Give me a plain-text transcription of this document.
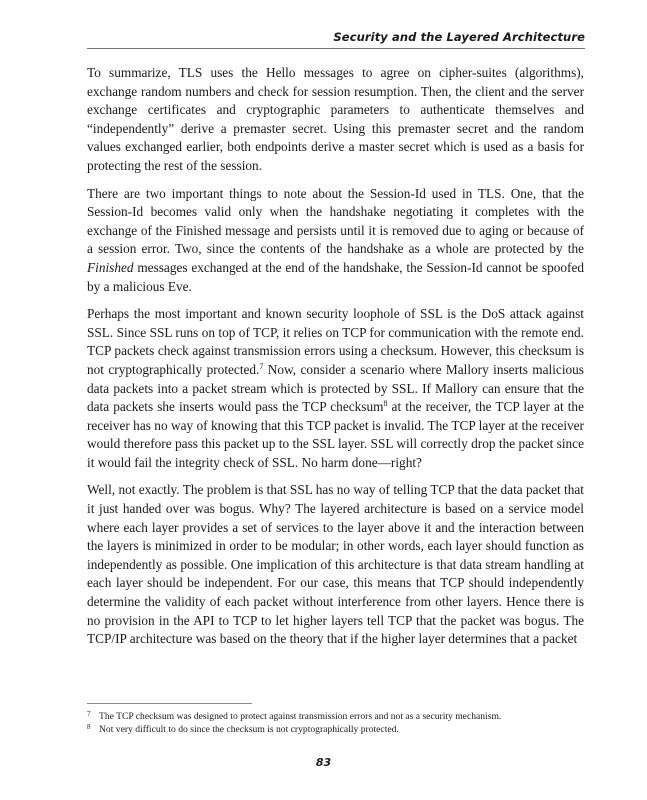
Security and the Layered Architecture

To summarize, TLS uses the Hello messages to agree on cipher-suites (algorithms), exchange random numbers and check for session resumption. Then, the client and the server exchange certificates and cryptographic parameters to authenticate themselves and “independently” derive a premaster secret. Using this premaster secret and the random values exchanged earlier, both endpoints derive a master secret which is used as a basis for protecting the rest of the session.

There are two important things to note about the Session-Id used in TLS. One, that the Session-Id becomes valid only when the handshake negotiating it completes with the exchange of the Finished message and persists until it is removed due to aging or because of a session error. Two, since the contents of the handshake as a whole are protected by the Finished messages exchanged at the end of the handshake, the Session-Id cannot be spoofed by a malicious Eve.

Perhaps the most important and known security loophole of SSL is the DoS attack against SSL. Since SSL runs on top of TCP, it relies on TCP for communication with the remote end. TCP packets check against transmission errors using a checksum. However, this checksum is not cryptographically protected.$^7$ Now, consider a scenario where Mallory inserts malicious data packets into a packet stream which is protected by SSL. If Mallory can ensure that the data packets she inserts would pass the TCP checksum$^8$ at the receiver, the TCP layer at the receiver has no way of knowing that this TCP packet is invalid. The TCP layer at the receiver would therefore pass this packet up to the SSL layer. SSL will correctly drop the packet since it would fail the integrity check of SSL. No harm done—right?

Well, not exactly. The problem is that SSL has no way of telling TCP that the data packet that it just handed over was bogus. Why? The layered architecture is based on a service model where each layer provides a set of services to the layer above it and the interaction between the layers is minimized in order to be modular; in other words, each layer should function as independently as possible. One implication of this architecture is that data stream handling at each layer should be independent. For our case, this means that TCP should independently determine the validity of each packet without interference from other layers. Hence there is no provision in the API to TCP to let higher layers tell TCP that the packet was bogus. The TCP/IP architecture was based on the theory that if the higher layer determines that a packet

7 The TCP checksum was designed to protect against transmission errors and not as a security mechanism.
8 Not very difficult to do since the checksum is not cryptographically protected.
83
